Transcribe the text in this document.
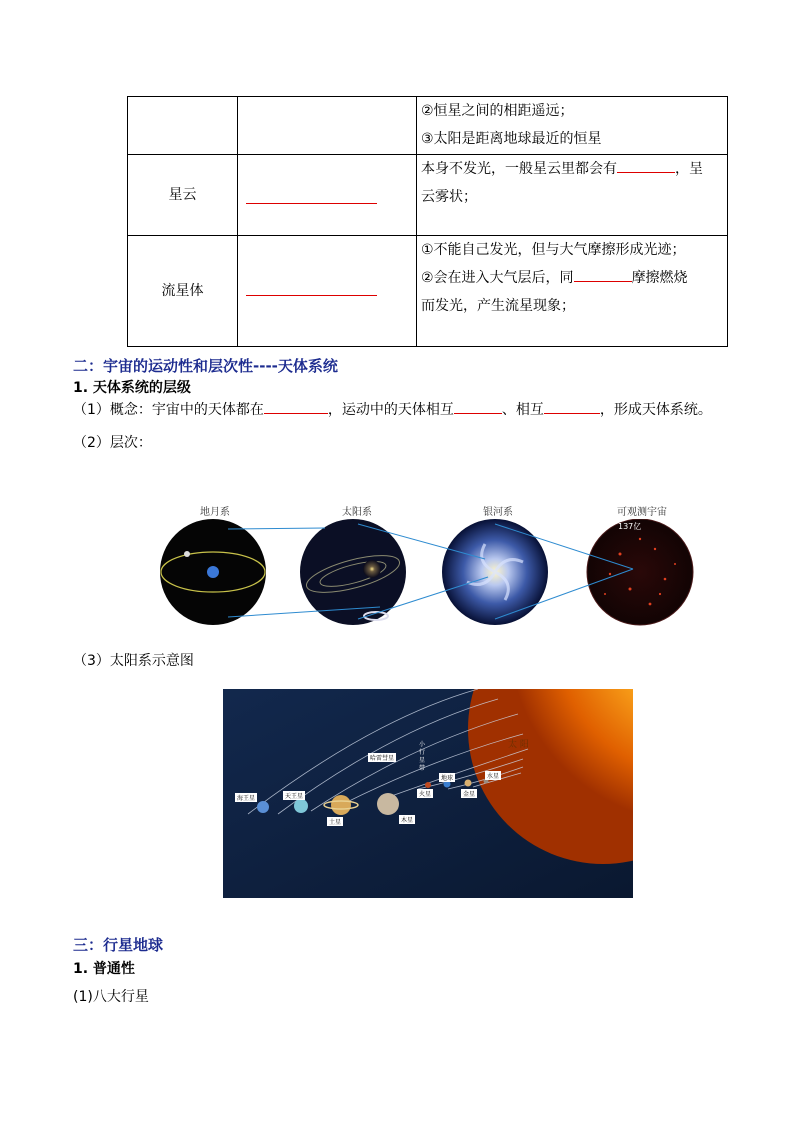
		②恒星之间的相距遥远；
③太阳是距离地球最近的恒星

星云		本身不发光，一般星云里都会有 ，呈
云雾状；

流星体		①不能自己发光，但与大气摩擦形成光迹；
②会在进入大气层后，同 摩擦燃烧
而发光，产生流星现象；
二：宇宙的运动性和层次性----天体系统
1. 天体系统的层级
（1）概念：宇宙中的天体都在	，运动中的天体相互	、相互	，形成天体系统。
（2）层次：
地月系	太阳系	银河系	可观测宇宙
137亿
（3）太阳系示意图
太 阳
海王星	天王星
土星	木星
火星
地球
金星
水星
哈雷彗星
小行星带
三：行星地球
1. 普通性
(1)八大行星
